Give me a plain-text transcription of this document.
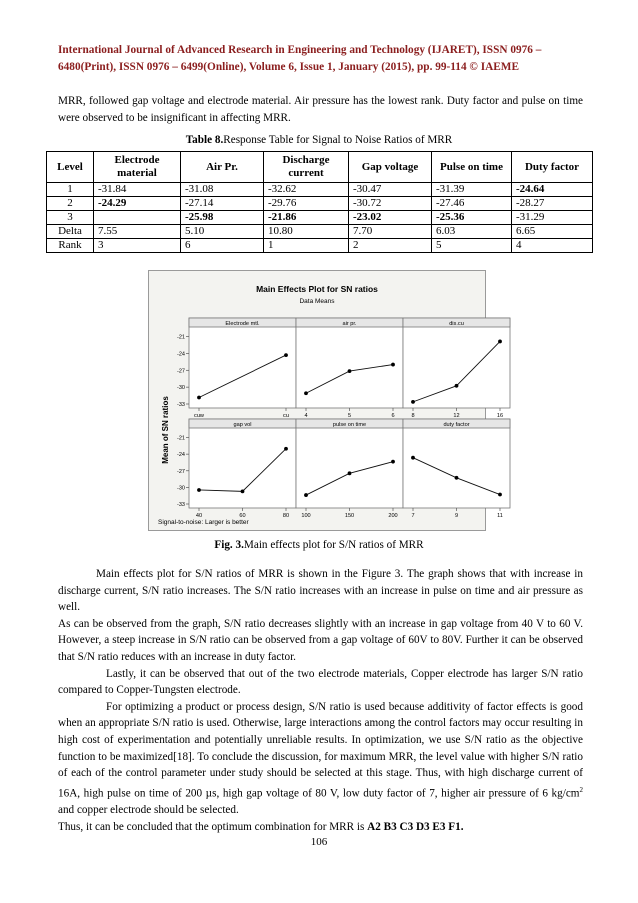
International Journal of Advanced Research in Engineering and Technology (IJARET), ISSN 0976 –
6480(Print), ISSN 0976 – 6499(Online), Volume 6, Issue 1, January (2015), pp. 99-114 © IAEME
MRR, followed gap voltage and electrode material. Air pressure has the lowest rank. Duty factor and pulse on time were observed to be insignificant in affecting MRR.
Table 8.Response Table for Signal to Noise Ratios of MRR
Level	Electrode material	Air Pr.	Discharge current	Gap voltage	Pulse on time	Duty factor
1	-31.84	-31.08	-32.62	-30.47	-31.39	-24.64
2	-24.29	-27.14	-29.76	-30.72	-27.46	-28.27
3		-25.98	-21.86	-23.02	-25.36	-31.29
Delta	7.55	5.10	10.80	7.70	6.03	6.65
Rank	3	6	1	2	5	4
Main Effects Plot for SN ratios
Data Means
Mean of SN ratios
Signal-to-noise: Larger is better
Electrode mtl.
-21
-24
-27
-30
-33
cuw	cu
air pr.
4	5	6
dis.cu
8	12	16
gap vol
-21
-24
-27
-30
-33
40	60	80
pulse on time
100	150	200
duty factor
7	9	11
Fig. 3.Main effects plot for S/N ratios of MRR

Main effects plot for S/N ratios of MRR is shown in the Figure 3. The graph shows that with increase in discharge current, S/N ratio increases. The S/N ratio increases with an increase in pulse on time and air pressure as well.

As can be observed from the graph, S/N ratio decreases slightly with an increase in gap voltage from 40 V to 60 V. However, a steep increase in S/N ratio can be observed from a gap voltage of 60V to 80V. Further it can be observed that S/N ratio reduces with an increase in duty factor.

Lastly, it can be observed that out of the two electrode materials, Copper electrode has larger S/N ratio compared to Copper-Tungsten electrode.

For optimizing a product or process design, S/N ratio is used because additivity of factor effects is good when an appropriate S/N ratio is used. Otherwise, large interactions among the control factors may occur resulting in high cost of experimentation and potentially unreliable results. In optimization, we use S/N ratio as the objective function to be maximized[18]. To conclude the discussion, for maximum MRR, the level value with higher S/N ratio of each of the control parameter under study should be selected at this stage. Thus, with high discharge current of 16A, high pulse on time of 200 µs, high gap voltage of 80 V, low duty factor of 7, higher air pressure of 6 $kg/cm^2$ and copper electrode should be selected.

Thus, it can be concluded that the optimum combination for MRR is A2 B3 C3 D3 E3 F1.

106
